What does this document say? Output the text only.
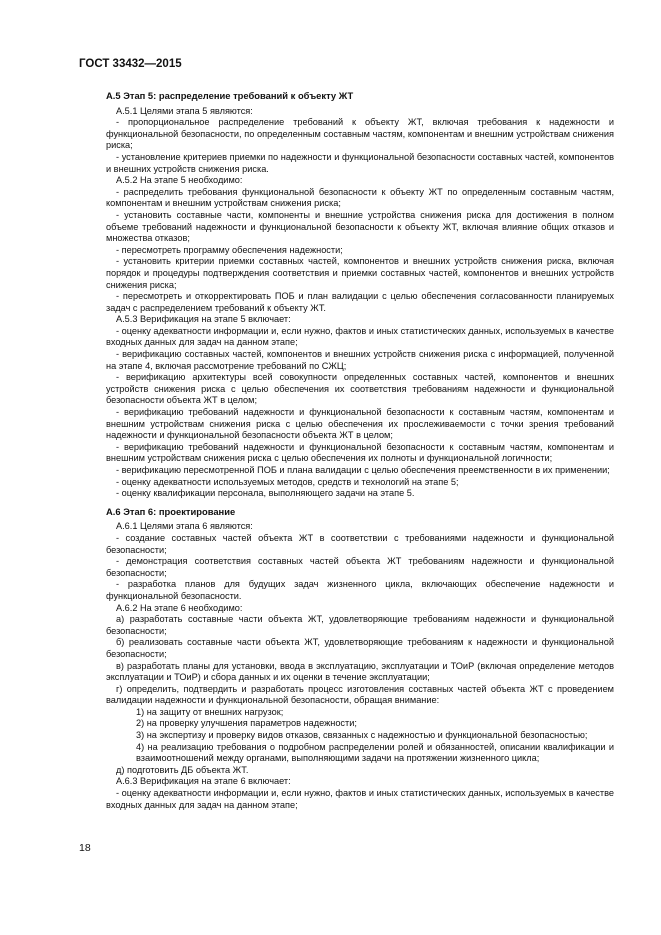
ГОСТ 33432—2015
А.5 Этап 5: распределение требований к объекту ЖТ
А.5.1 Целями этапа 5 являются:
- пропорциональное распределение требований к объекту ЖТ, включая требования к надежности и функциональной безопасности, по определенным составным частям, компонентам и внешним устройствам снижения риска;
- установление критериев приемки по надежности и функциональной безопасности составных частей, компонентов и внешних устройств снижения риска.
А.5.2 На этапе 5 необходимо:
- распределить требования функциональной безопасности к объекту ЖТ по определенным составным частям, компонентам и внешним устройствам снижения риска;
- установить составные части, компоненты и внешние устройства снижения риска для достижения в полном объеме требований надежности и функциональной безопасности к объекту ЖТ, включая влияние общих отказов и множества отказов;
- пересмотреть программу обеспечения надежности;
- установить критерии приемки составных частей, компонентов и внешних устройств снижения риска, включая порядок и процедуры подтверждения соответствия и приемки составных частей, компонентов и внешних устройств снижения риска;
- пересмотреть и откорректировать ПОБ и план валидации с целью обеспечения согласованности планируемых задач с распределением требований к объекту ЖТ.
А.5.3 Верификация на этапе 5 включает:
- оценку адекватности информации и, если нужно, фактов и иных статистических данных, используемых в качестве входных данных для задач на данном этапе;
- верификацию составных частей, компонентов и внешних устройств снижения риска с информацией, полученной на этапе 4, включая рассмотрение требований по СЖЦ;
- верификацию архитектуры всей совокупности определенных составных частей, компонентов и внешних устройств снижения риска с целью обеспечения их соответствия требованиям надежности и функциональной безопасности объекта ЖТ в целом;
- верификацию требований надежности и функциональной безопасности к составным частям, компонентам и внешним устройствам снижения риска с целью обеспечения их прослеживаемости с точки зрения требований надежности и функциональной безопасности объекта ЖТ в целом;
- верификацию требований надежности и функциональной безопасности к составным частям, компонентам и внешним устройствам снижения риска с целью обеспечения их полноты и функциональной логичности;
- верификацию пересмотренной ПОБ и плана валидации с целью обеспечения преемственности в их применении;
- оценку адекватности используемых методов, средств и технологий на этапе 5;
- оценку квалификации персонала, выполняющего задачи на этапе 5.
А.6 Этап 6: проектирование
А.6.1 Целями этапа 6 являются:
- создание составных частей объекта ЖТ в соответствии с требованиями надежности и функциональной безопасности;
- демонстрация соответствия составных частей объекта ЖТ требованиям надежности и функциональной безопасности;
- разработка планов для будущих задач жизненного цикла, включающих обеспечение надежности и функциональной безопасности.
А.6.2 На этапе 6 необходимо:
а) разработать составные части объекта ЖТ, удовлетворяющие требованиям надежности и функциональной безопасности;
б) реализовать составные части объекта ЖТ, удовлетворяющие требованиям к надежности и функциональной безопасности;
в) разработать планы для установки, ввода в эксплуатацию, эксплуатации и ТОиР (включая определение методов эксплуатации и ТОиР) и сбора данных и их оценки в течение эксплуатации;
г) определить, подтвердить и разработать процесс изготовления составных частей объекта ЖТ с проведением валидации надежности и функциональной безопасности, обращая внимание:
1) на защиту от внешних нагрузок;
2) на проверку улучшения параметров надежности;
3) на экспертизу и проверку видов отказов, связанных с надежностью и функциональной безопасностью;
4) на реализацию требования о подробном распределении ролей и обязанностей, описании квалификации и взаимоотношений между органами, выполняющими задачи на протяжении жизненного цикла;
д) подготовить ДБ объекта ЖТ.
А.6.3 Верификация на этапе 6 включает:
- оценку адекватности информации и, если нужно, фактов и иных статистических данных, используемых в качестве входных данных для задач на данном этапе;
18
